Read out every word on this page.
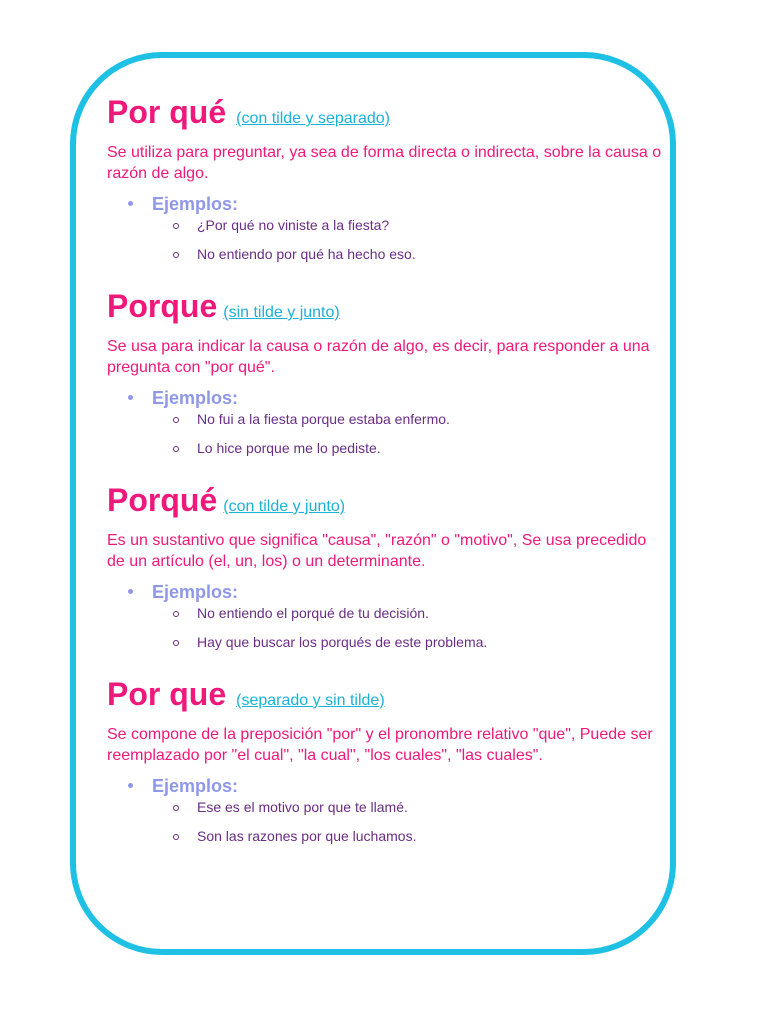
Por qué (con tilde y separado)

Se utiliza para preguntar, ya sea de forma directa o indirecta, sobre la causa o razón de algo.

Ejemplos:
¿Por qué no viniste a la fiesta?
No entiendo por qué ha hecho eso.
Porque (sin tilde y junto)

Se usa para indicar la causa o razón de algo, es decir, para responder a una pregunta con "por qué".

Ejemplos:
No fui a la fiesta porque estaba enfermo.
Lo hice porque me lo pediste.
Porqué (con tilde y junto)

Es un sustantivo que significa "causa", "razón" o "motivo", Se usa precedido de un artículo (el, un, los) o un determinante.

Ejemplos:
No entiendo el porqué de tu decisión.
Hay que buscar los porqués de este problema.
Por que (separado y sin tilde)

Se compone de la preposición "por" y el pronombre relativo "que", Puede ser reemplazado por "el cual", "la cual", "los cuales", "las cuales".

Ejemplos:
Ese es el motivo por que te llamé.
Son las razones por que luchamos.
